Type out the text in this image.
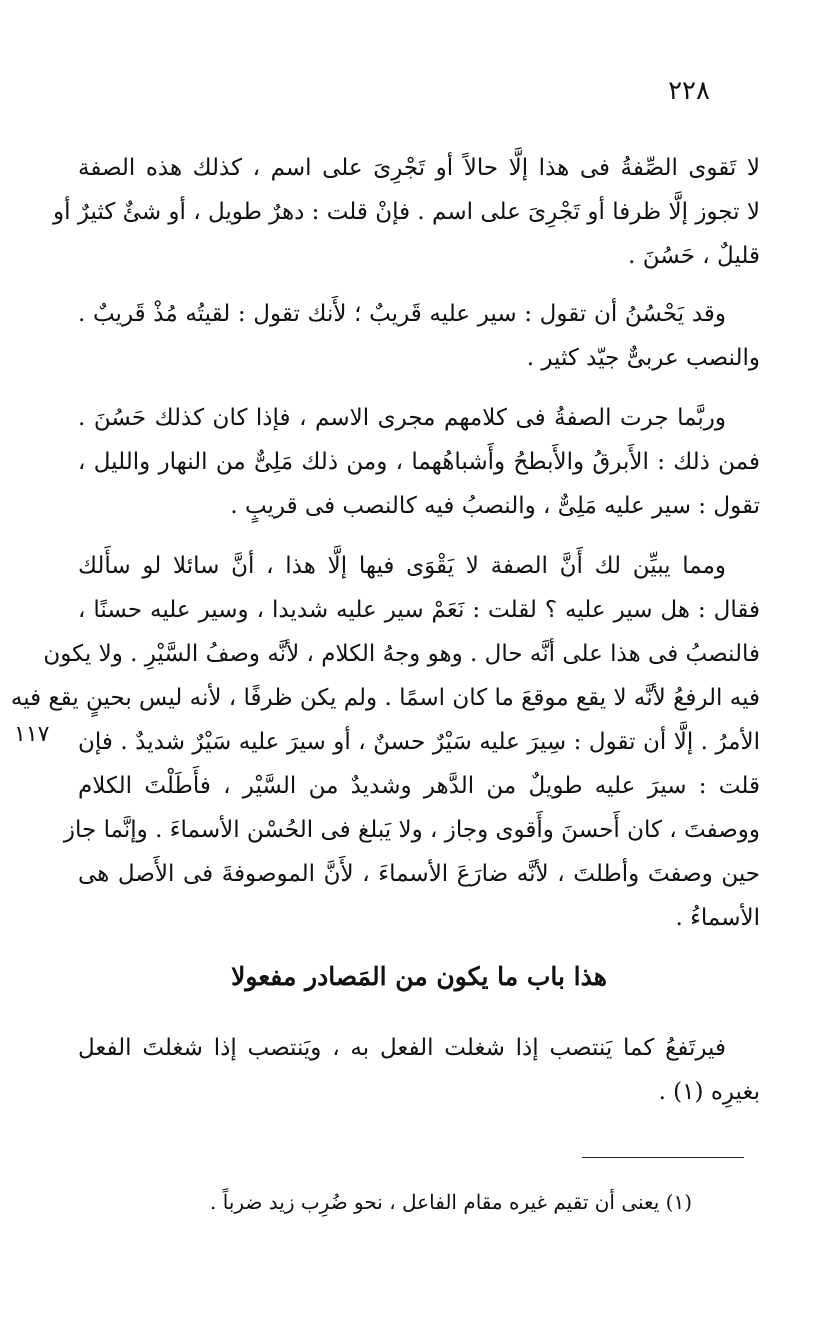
٢٢٨
لا تَقوى الصِّفةُ فى هذا إلَّا حالاً أو تَجْرِىَ على اسم ، كذلك هذه الصفة
لا تجوز إلَّا ظرفا أو تَجْرِىَ على اسم . فإنْ قلت : دهرٌ طويل ، أو شئٌ كثيرٌ أو
قليلٌ ، حَسُنَ .
وقد يَحْسُنُ أن تقول : سير عليه قَريبٌ ؛ لأَنك تقول : لقيتُه مُذْ قَريبٌ .
والنصب عربىٌّ جيّد كثير .
وربَّما جرت الصفةُ فى كلامهم مجرى الاسم ، فإذا كان كذلك حَسُنَ .
فمن ذلك : الأَبرقُ والأَبطحُ وأَشباهُهما ، ومن ذلك مَلِىٌّ من النهار والليل ،
تقول : سير عليه مَلِىٌّ ، والنصبُ فيه كالنصب فى قريبٍ .
ومما يبيِّن لك أَنَّ الصفة لا يَقْوَى فيها إلَّا هذا ، أنَّ سائلا لو سأَلك
فقال : هل سير عليه ؟ لقلت : نَعَمْ سير عليه شديدا ، وسير عليه حسنًا ،
فالنصبُ فى هذا على أنَّه حال . وهو وجهُ الكلام ، لأنَّه وصفُ السَّيْرِ . ولا يكون
فيه الرفعُ لأنَّه لا يقع موقعَ ما كان اسمًا . ولم يكن ظرفًا ، لأنه ليس بحينٍ يقع فيه
الأمرُ . إلَّا أن تقول : سِيرَ عليه سَيْرٌ حسنٌ ، أو سيرَ عليه سَيْرٌ شديدٌ . فإن
قلت : سيرَ عليه طويلٌ من الدَّهر وشديدٌ من السَّيْر ، فأَطَلْتَ الكلام
ووصفتَ ، كان أَحسنَ وأَقوى وجاز ، ولا يَبلغ فى الحُسْن الأسماءَ . وإنَّما جاز
حين وصفتَ وأطلتَ ، لأنَّه ضارَعَ الأسماءَ ، لأَنَّ الموصوفةَ فى الأَصل هى
الأسماءُ .
١١٧
هذا باب ما يكون من المَصادر مفعولا
فيرتَفعُ كما يَنتصب إذا شغلت الفعل به ، ويَنتصب إذا شغلتَ الفعل
بغيرِه (١) .
(١) يعنى أن تقيم غيره مقام الفاعل ، نحو ضُرِب زيد ضرباً .
